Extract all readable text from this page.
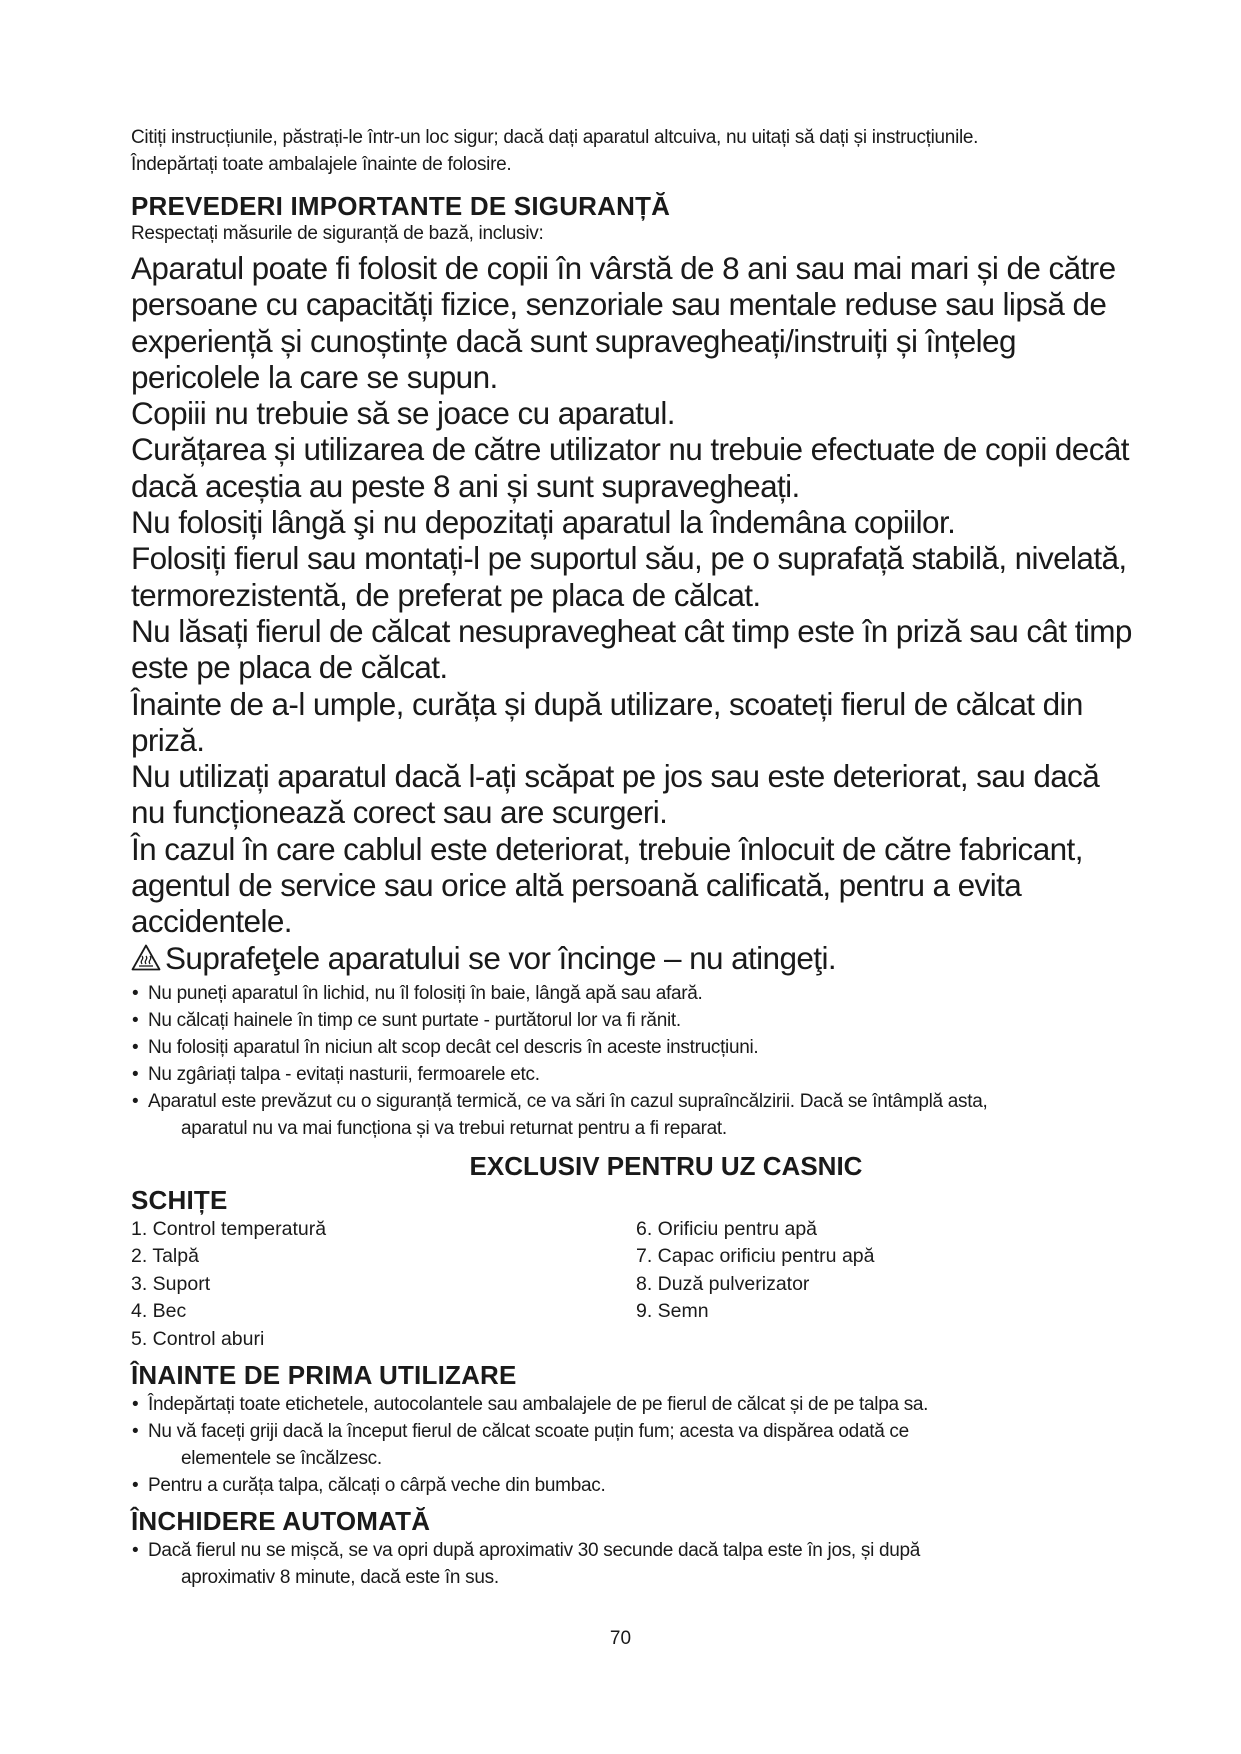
Citiți instrucțiunile, păstrați-le într-un loc sigur; dacă dați aparatul altcuiva, nu uitați să dați și instrucțiunile.

Îndepărtați toate ambalajele înainte de folosire.

PREVEDERI IMPORTANTE DE SIGURANȚĂ

Respectați măsurile de siguranță de bază, inclusiv:

Aparatul poate fi folosit de copii în vârstă de 8 ani sau mai mari și de către persoane cu capacități fizice, senzoriale sau mentale reduse sau lipsă de experiență și cunoștințe dacă sunt supravegheați/instruiți și înțeleg pericolele la care se supun.

Copiii nu trebuie să se joace cu aparatul.

Curățarea și utilizarea de către utilizator nu trebuie efectuate de copii decât dacă aceștia au peste 8 ani și sunt supravegheați.

Nu folosiți lângă şi nu depozitați aparatul la îndemâna copiilor.

Folosiți fierul sau montați-l pe suportul său, pe o suprafață stabilă, nivelată, termorezistentă, de preferat pe placa de călcat.

Nu lăsați fierul de călcat nesupravegheat cât timp este în priză sau cât timp este pe placa de călcat.

Înainte de a-l umple, curăța și după utilizare, scoateți fierul de călcat din priză.

Nu utilizați aparatul dacă l-ați scăpat pe jos sau este deteriorat, sau dacă nu funcționează corect sau are scurgeri.

În cazul în care cablul este deteriorat, trebuie înlocuit de către fabricant, agentul de service sau orice altă persoană calificată, pentru a evita accidentele.

Suprafeţele aparatului se vor încinge – nu atingeţi.

• Nu puneți aparatul în lichid, nu îl folosiți în baie, lângă apă sau afară.
• Nu călcați hainele în timp ce sunt purtate - purtătorul lor va fi rănit.
• Nu folosiți aparatul în niciun alt scop decât cel descris în aceste instrucțiuni.
• Nu zgâriați talpa - evitați nasturii, fermoarele etc.
• Aparatul este prevăzut cu o siguranță termică, ce va sări în cazul supraîncălzirii. Dacă se întâmplă asta,
aparatul nu va mai funcționa și va trebui returnat pentru a fi reparat.
EXCLUSIV PENTRU UZ CASNIC
SCHIȚE
1. Control temperatură
2. Talpă
3. Suport
4. Bec
5. Control aburi
6. Orificiu pentru apă
7. Capac orificiu pentru apă
8. Duză pulverizator
9. Semn
ÎNAINTE DE PRIMA UTILIZARE
• Îndepărtați toate etichetele, autocolantele sau ambalajele de pe fierul de călcat și de pe talpa sa.
• Nu vă faceți griji dacă la început fierul de călcat scoate puțin fum; acesta va dispărea odată ce
elementele se încălzesc.
• Pentru a curăța talpa, călcați o cârpă veche din bumbac.
ÎNCHIDERE AUTOMATĂ
• Dacă fierul nu se mișcă, se va opri după aproximativ 30 secunde dacă talpa este în jos, și după
aproximativ 8 minute, dacă este în sus.
70
